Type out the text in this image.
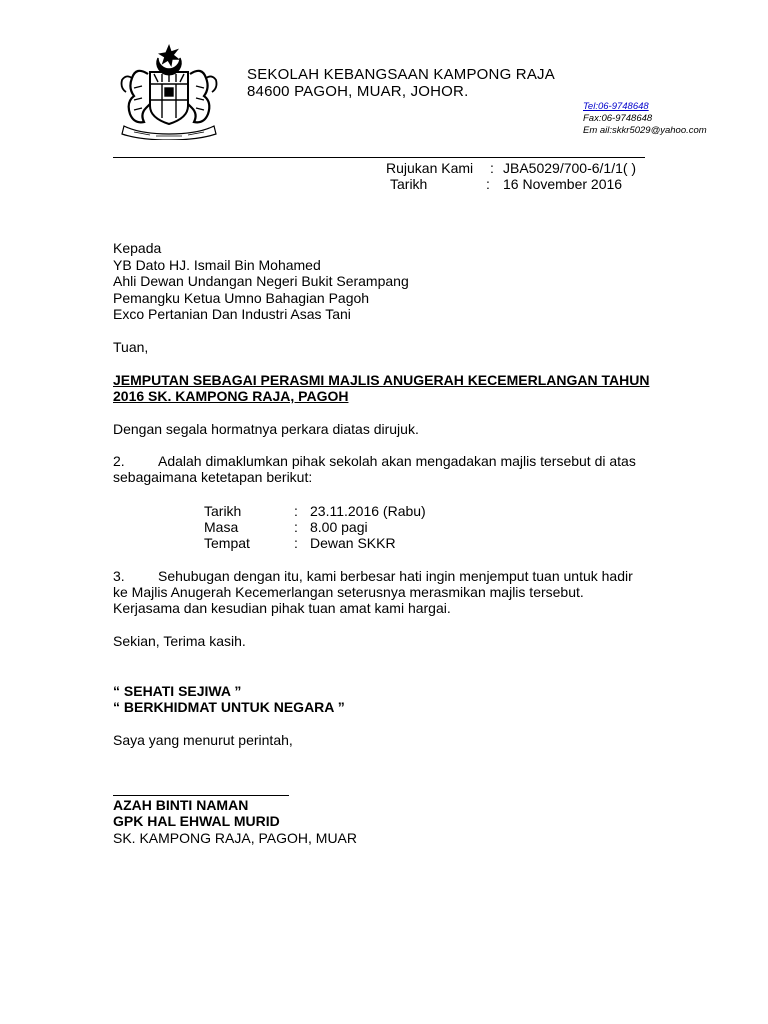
SEKOLAH KEBANGSAAN KAMPONG RAJA
84600 PAGOH, MUAR, JOHOR.
Tel:06-9748648
Fax:06-9748648
Em ail:skkr5029@yahoo.com
Rujukan Kami : JBA5029/700-6/1/1( )
Tarikh	: 16 November 2016
Kepada
YB Dato HJ. Ismail Bin Mohamed
Ahli Dewan Undangan Negeri Bukit Serampang
Pemangku Ketua Umno Bahagian Pagoh
Exco Pertanian Dan Industri Asas Tani
Tuan,
JEMPUTAN SEBAGAI PERASMI MAJLIS ANUGERAH KECEMERLANGAN TAHUN
2016 SK. KAMPONG RAJA, PAGOH
Dengan segala hormatnya perkara diatas dirujuk.
2. Adalah dimaklumkan pihak sekolah akan mengadakan majlis tersebut di atas
sebagaimana ketetapan berikut:
Tarikh	: 23.11.2016 (Rabu)
Masa	: 8.00 pagi
Tempat	: Dewan SKKR
3. Sehubugan dengan itu, kami berbesar hati ingin menjemput tuan untuk hadir
ke Majlis Anugerah Kecemerlangan seterusnya merasmikan majlis tersebut.
Kerjasama dan kesudian pihak tuan amat kami hargai.
Sekian, Terima kasih.
“ SEHATI SEJIWA ”
“ BERKHIDMAT UNTUK NEGARA ”
Saya yang menurut perintah,
AZAH BINTI NAMAN
GPK HAL EHWAL MURID
SK. KAMPONG RAJA, PAGOH, MUAR
